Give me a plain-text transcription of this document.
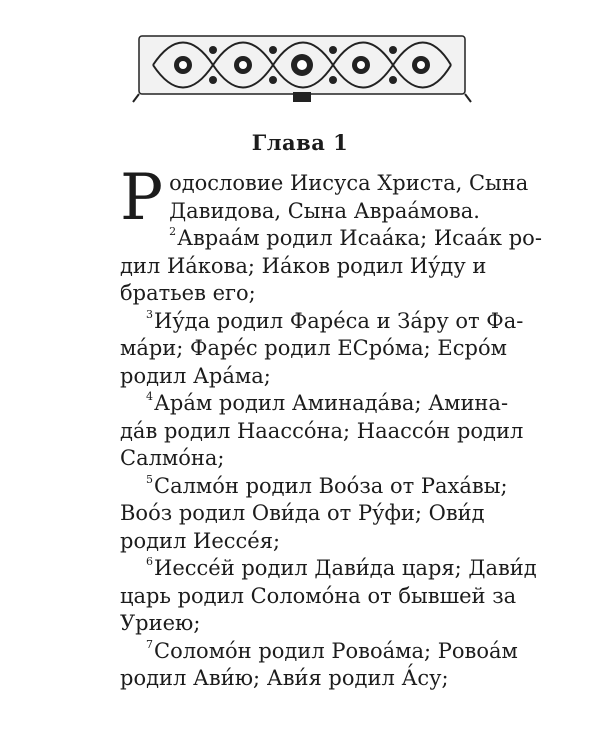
Глава 1
Р одословие Иисуса Христа, Сына
Давидова, Сына Авраа́мова.
$^2$Авраа́м родил Исаа́ка; Исаа́к ро-
дил Иа́кова; Иа́ков родил Иу́ду и
братьев его;
$^3$Иу́да родил Фаре́са и За́ру от Фа-
ма́ри; Фаре́с родил ЕСро́ма; Есро́м
родил Ара́ма;
$^4$Ара́м родил Аминада́ва; Амина-
да́в родил Наассо́на; Наассо́н родил
Салмо́на;
$^5$Салмо́н родил Воо́за от Раха́вы;
Воо́з родил Ови́да от Ру́фи; Ови́д
родил Иессе́я;
$^6$Иессе́й родил Дави́да царя; Дави́д
царь родил Соломо́на от бывшей за
Уриею;
$^7$Соломо́н родил Ровоа́ма; Ровоа́м
родил Ави́ю; Ави́я родил А́су;
